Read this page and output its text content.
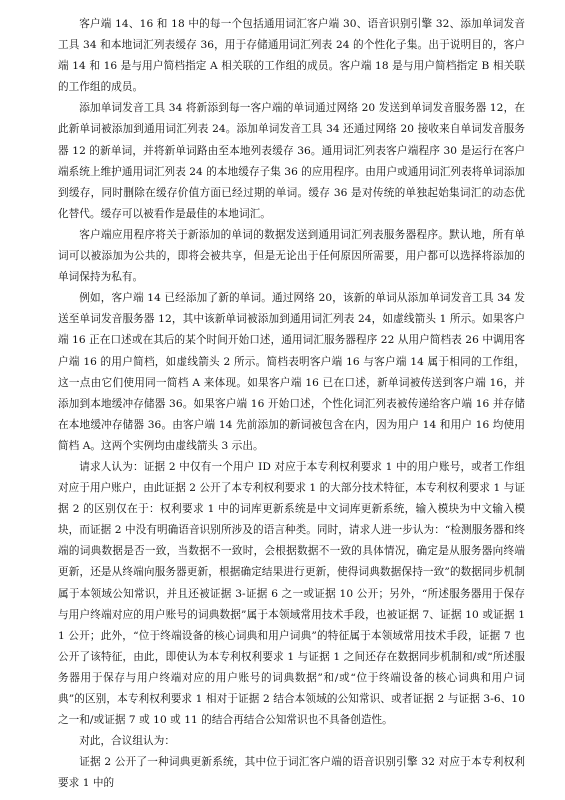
客户端 14、16 和 18 中的每一个包括通用词汇客户端 30、语音识别引擎 32、添加单词发音工具 34 和本地词汇列表缓存 36，用于存储通用词汇列表 24 的个性化子集。出于说明目的，客户端 14 和 16 是与用户简档指定 A 相关联的工作组的成员。客户端 18 是与用户简档指定 B 相关联的工作组的成员。

添加单词发音工具 34 将新添到每一客户端的单词通过网络 20 发送到单词发音服务器 12，在此新单词被添加到通用词汇列表 24。添加单词发音工具 34 还通过网络 20 接收来自单词发音服务器 12 的新单词，并将新单词路由至本地列表缓存 36。通用词汇列表客户端程序 30 是运行在客户端系统上维护通用词汇列表 24 的本地缓存子集 36 的应用程序。由用户或通用词汇列表将单词添加到缓存，同时删除在缓存价值方面已经过期的单词。缓存 36 是对传统的单独起始集词汇的动态优化替代。缓存可以被看作是最佳的本地词汇。

客户端应用程序将关于新添加的单词的数据发送到通用词汇列表服务器程序。默认地，所有单词可以被添加为公共的，即将会被共享，但是无论出于任何原因所需要，用户都可以选择将添加的单词保持为私有。

例如，客户端 14 已经添加了新的单词。通过网络 20，该新的单词从添加单词发音工具 34 发送至单词发音服务器 12，其中该新单词被添加到通用词汇列表 24，如虚线箭头 1 所示。如果客户端 16 正在口述或在其后的某个时间开始口述，通用词汇服务器程序 22 从用户简档表 26 中调用客户端 16 的用户简档，如虚线箭头 2 所示。简档表明客户端 16 与客户端 14 属于相同的工作组，这一点由它们使用同一简档 A 来体现。如果客户端 16 已在口述，新单词被传送到客户端 16，并添加到本地缓冲存储器 36。如果客户端 16 开始口述，个性化词汇列表被传递给客户端 16 并存储在本地缓冲存储器 36。由客户端 14 先前添加的新词被包含在内，因为用户 14 和用户 16 均使用简档 A。这两个实例均由虚线箭头 3 示出。

请求人认为：证据 2 中仅有一个用户 ID 对应于本专利权利要求 1 中的用户账号，或者工作组对应于用户账户，由此证据 2 公开了本专利权利要求 1 的大部分技术特征，本专利权利要求 1 与证据 2 的区别仅在于：权利要求 1 中的词库更新系统是中文词库更新系统，输入模块为中文输入模块，而证据 2 中没有明确语音识别所涉及的语言种类。同时，请求人进一步认为：“检测服务器和终端的词典数据是否一致，当数据不一致时，会根据数据不一致的具体情况，确定是从服务器向终端更新，还是从终端向服务器更新，根据确定结果进行更新，使得词典数据保持一致”的数据同步机制属于本领域公知常识，并且还被证据 3-证据 6 之一或证据 10 公开；另外，“所述服务器用于保存与用户终端对应的用户账号的词典数据”属于本领域常用技术手段，也被证据 7、证据 10 或证据 11 公开；此外，“位于终端设备的核心词典和用户词典”的特征属于本领域常用技术手段，证据 7 也公开了该特征，由此，即使认为本专利权利要求 1 与证据 1 之间还存在数据同步机制和/或“所述服务器用于保存与用户终端对应的用户账号的词典数据”和/或“位于终端设备的核心词典和用户词典”的区别，本专利权利要求 1 相对于证据 2 结合本领域的公知常识、或者证据 2 与证据 3-6、10 之一和/或证据 7 或 10 或 11 的结合再结合公知常识也不具备创造性。

对此，合议组认为：

证据 2 公开了一种词典更新系统，其中位于词汇客户端的语音识别引擎 32 对应于本专利权利要求 1 中的
